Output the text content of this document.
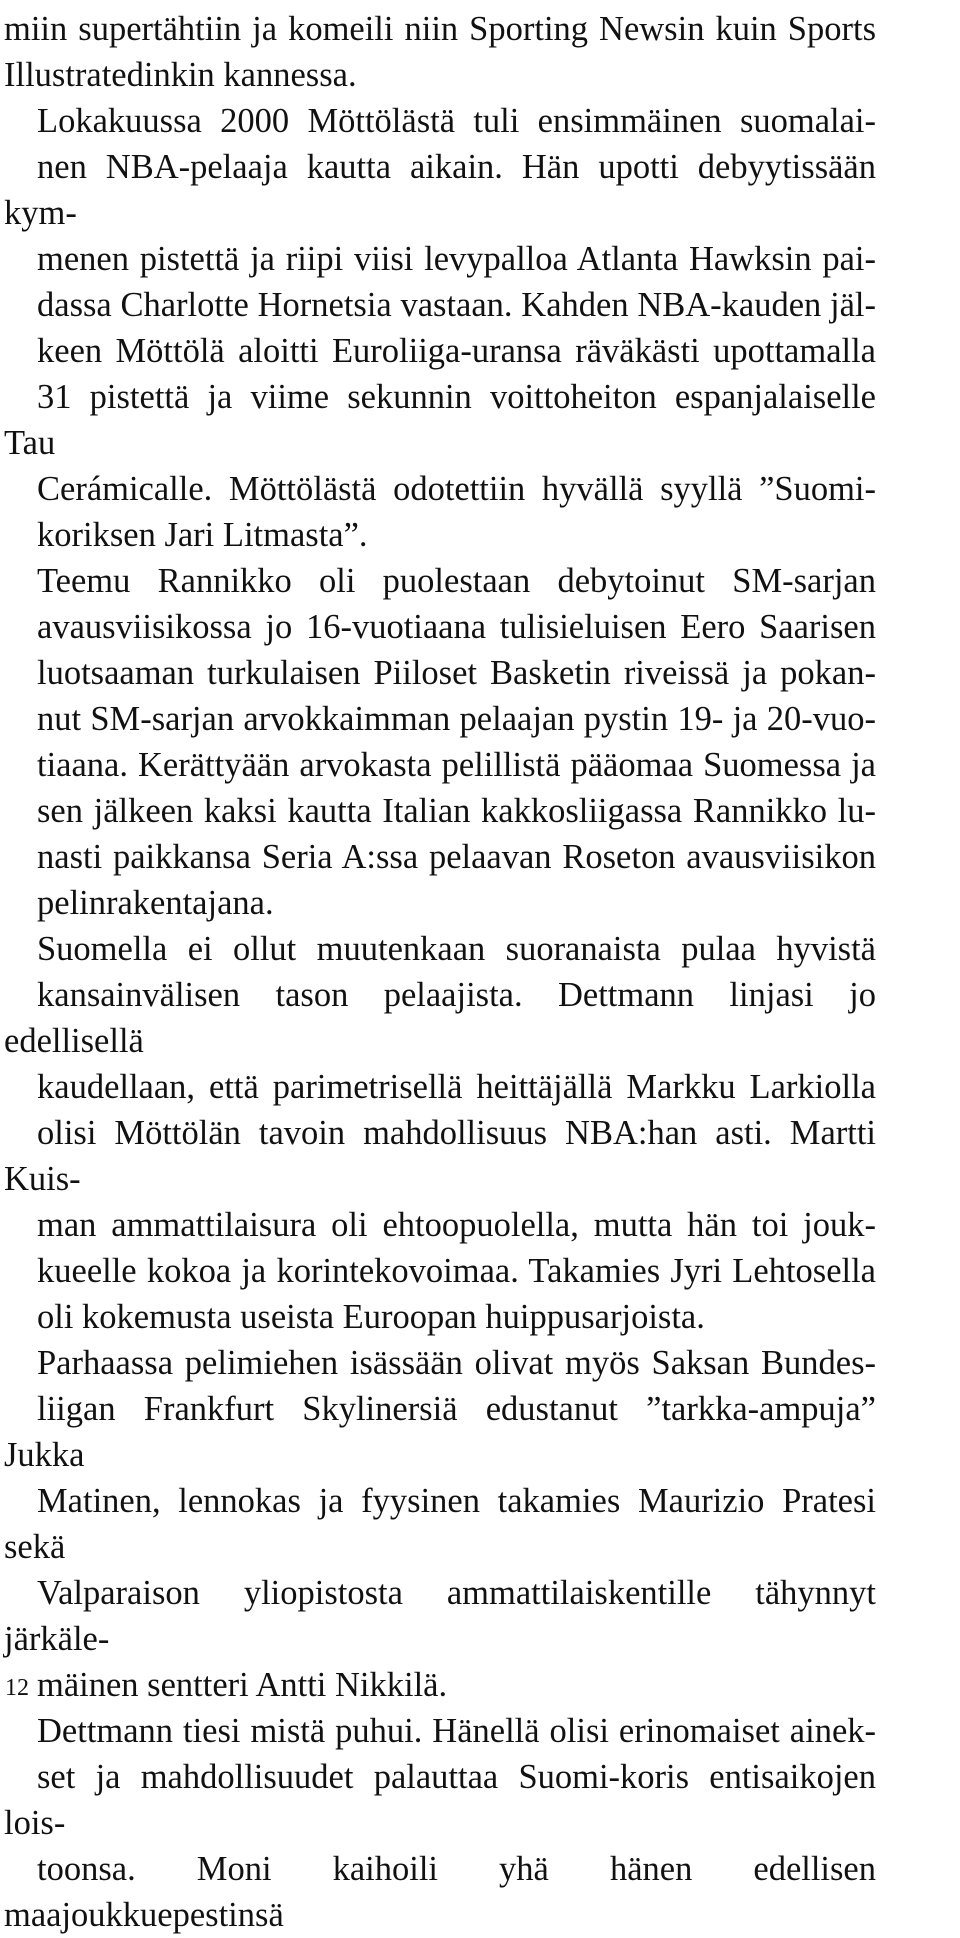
miin supertähtiin ja komeili niin Sporting Newsin kuin Sports
Illustratedinkin kannessa.

Lokakuussa 2000 Möttölästä tuli ensimmäinen suomalai-
nen NBA-pelaaja kautta aikain. Hän upotti debyytissään kym-
menen pistettä ja riipi viisi levypalloa Atlanta Hawksin pai-
dassa Charlotte Hornetsia vastaan. Kahden NBA-kauden jäl-
keen Möttölä aloitti Euroliiga-uransa räväkästi upottamalla
31 pistettä ja viime sekunnin voittoheiton espanjalaiselle Tau
Cerámicalle. Möttölästä odotettiin hyvällä syyllä ”Suomi-
koriksen Jari Litmasta”.

Teemu Rannikko oli puolestaan debytoinut SM-sarjan
avausviisikossa jo 16-vuotiaana tulisieluisen Eero Saarisen
luotsaaman turkulaisen Piiloset Basketin riveissä ja pokan-
nut SM-sarjan arvokkaimman pelaajan pystin 19- ja 20-vuo-
tiaana. Kerättyään arvokasta pelillistä pääomaa Suomessa ja
sen jälkeen kaksi kautta Italian kakkosliigassa Rannikko lu-
nasti paikkansa Seria A:ssa pelaavan Roseton avausviisikon
pelinrakentajana.

Suomella ei ollut muutenkaan suoranaista pulaa hyvistä
kansainvälisen tason pelaajista. Dettmann linjasi jo edellisellä
kaudellaan, että parimetrisellä heittäjällä Markku Larkiolla
olisi Möttölän tavoin mahdollisuus NBA:han asti. Martti Kuis-
man ammattilaisura oli ehtoopuolella, mutta hän toi jouk-
kueelle kokoa ja korintekovoimaa. Takamies Jyri Lehtosella
oli kokemusta useista Euroopan huippusarjoista.

Parhaassa pelimiehen isässään olivat myös Saksan Bundes-
liigan Frankfurt Skylinersiä edustanut ”tarkka-ampuja” Jukka
Matinen, lennokas ja fyysinen takamies Maurizio Pratesi sekä
Valparaison yliopistosta ammattilaiskentille tähynnyt järkäle-
mäinen sentteri Antti Nikkilä.

Dettmann tiesi mistä puhui. Hänellä olisi erinomaiset ainek-
set ja mahdollisuudet palauttaa Suomi-koris entisaikojen lois-
toonsa. Moni kaihoili yhä hänen edellisen maajoukkuepestinsä

12
